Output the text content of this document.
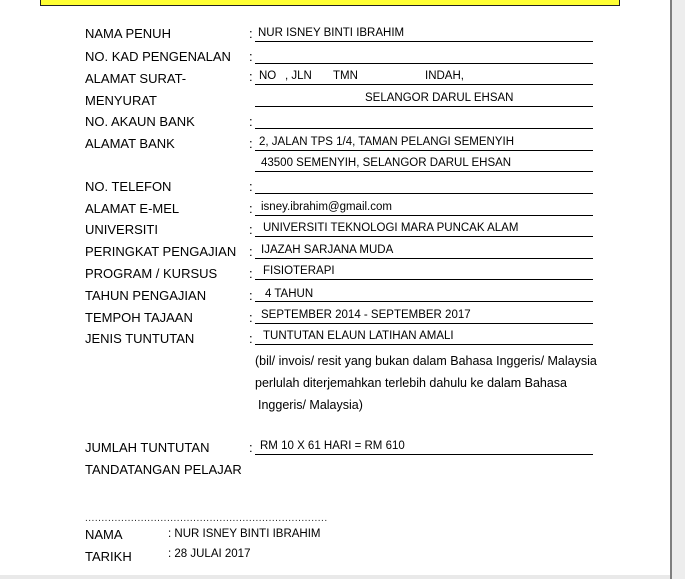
NAMA PENUH	: NUR ISNEY BINTI IBRAHIM
NO. KAD PENGENALAN :
ALAMAT SURAT-
MENYURAT
: NO , JLN TMN	INDAH,
SELANGOR DARUL EHSAN
NO. AKAUN BANK	:
ALAMAT BANK	: 2, JALAN TPS 1/4, TAMAN PELANGI SEMENYIH
43500 SEMENYIH, SELANGOR DARUL EHSAN
NO. TELEFON	:
ALAMAT E-MEL	: isney.ibrahim@gmail.com
UNIVERSITI	: UNIVERSITI TEKNOLOGI MARA PUNCAK ALAM
PERINGKAT PENGAJIAN : IJAZAH SARJANA MUDA
PROGRAM / KURSUS : FISIOTERAPI
TAHUN PENGAJIAN	: 4 TAHUN
TEMPOH TAJAAN	: SEPTEMBER 2014 - SEPTEMBER 2017
JENIS TUNTUTAN	: TUNTUTAN ELAUN LATIHAN AMALI
(bil/ invois/ resit yang bukan dalam Bahasa Inggeris/ Malaysia
perlulah diterjemahkan terlebih dahulu ke dalam Bahasa
Inggeris/ Malaysia)
JUMLAH TUNTUTAN	: RM 10 X 61 HARI = RM 610
TANDATANGAN PELAJAR
..........................................................................
NAMA	: NUR ISNEY BINTI IBRAHIM
TARIKH	: 28 JULAI 2017
